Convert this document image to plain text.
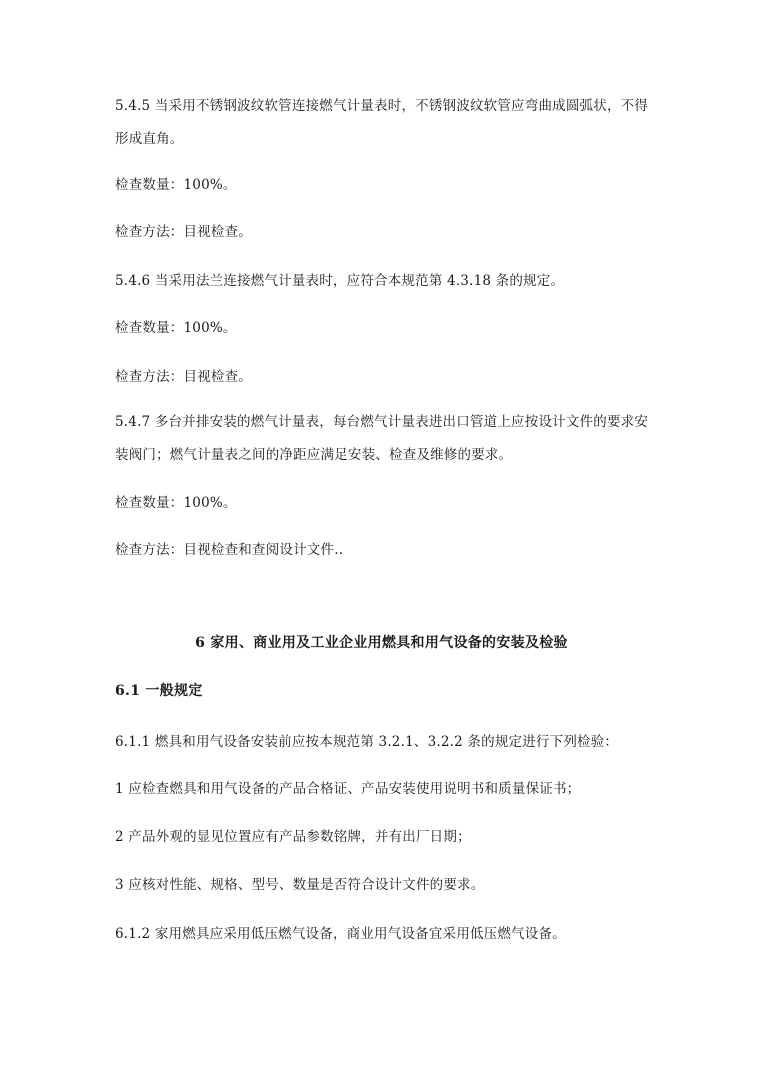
5.4.5 当采用不锈钢波纹软管连接燃气计量表时，不锈钢波纹软管应弯曲成圆弧状，不得形成直角。
检查数量：100%。
检查方法：目视检查。
5.4.6 当采用法兰连接燃气计量表时，应符合本规范第 4.3.18 条的规定。
检查数量：100%。
检查方法：目视检查。
5.4.7 多台并排安装的燃气计量表，每台燃气计量表进出口管道上应按设计文件的要求安装阀门；燃气计量表之间的净距应满足安装、检查及维修的要求。
检查数量：100%。
检查方法：目视检查和查阅设计文件..
6 家用、商业用及工业企业用燃具和用气设备的安装及检验
6.1 一般规定
6.1.1 燃具和用气设备安装前应按本规范第 3.2.1、3.2.2 条的规定进行下列检验：
1 应检查燃具和用气设备的产品合格证、产品安装使用说明书和质量保证书；
2 产品外观的显见位置应有产品参数铭牌，并有出厂日期；
3 应核对性能、规格、型号、数量是否符合设计文件的要求。
6.1.2 家用燃具应采用低压燃气设备，商业用气设备宜采用低压燃气设备。
